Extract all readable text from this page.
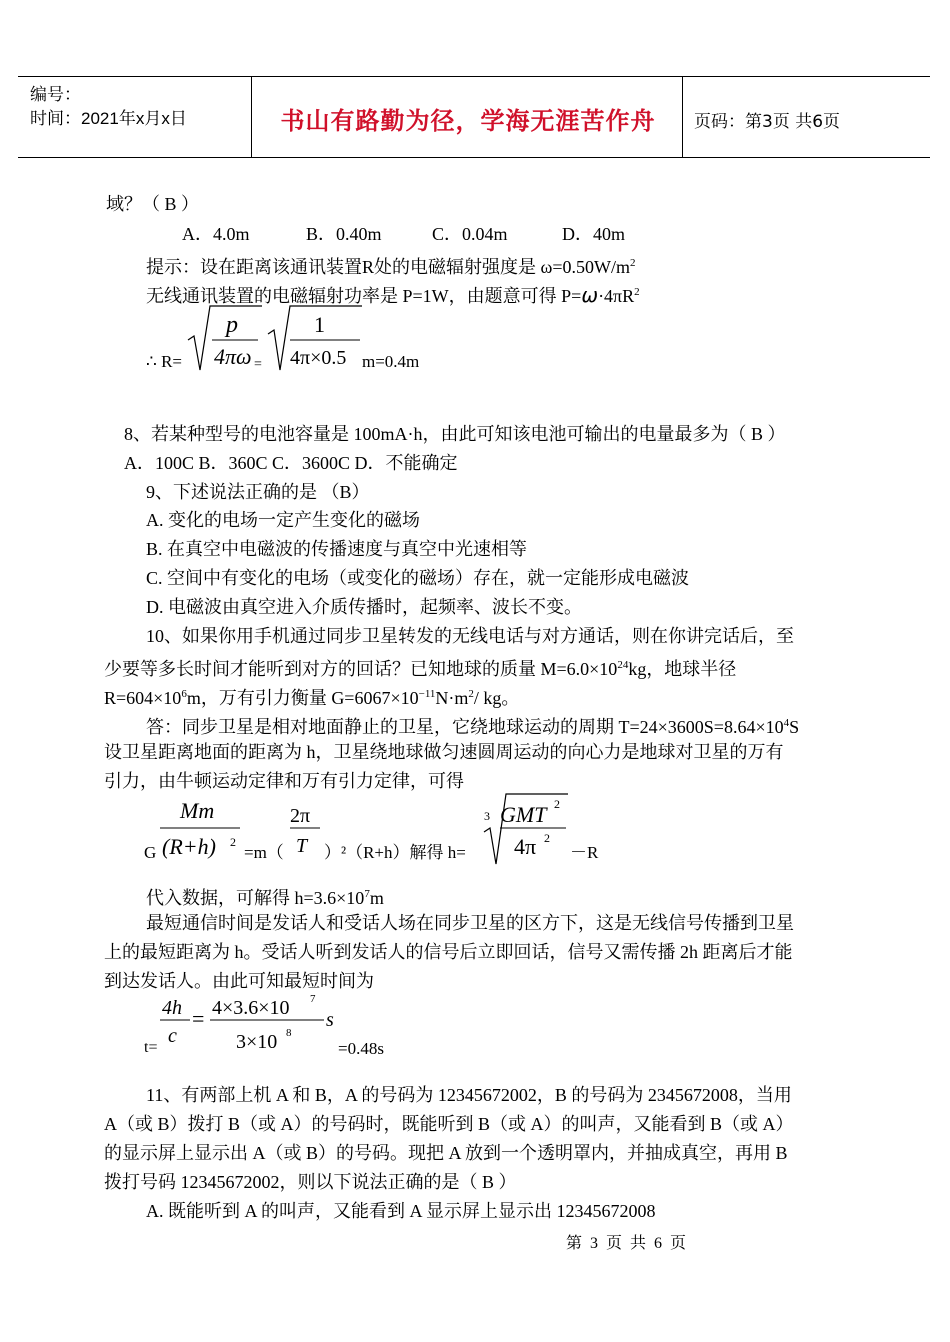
编号：
时间：2021年x月x日	书山有路勤为径，学海无涯苦作舟	页码：第3页 共6页
域？（ B ）
A．4.0m	B．0.40m	C．0.04m	D．40m
提示：设在距离该通讯装置R处的电磁辐射强度是 $\omega=0.50W/m^2$
无线通讯装置的电磁辐射功率是 P=1W，由题意可得 $P=\omega\cdot 4\pi R^2$
∴ R=
p
4πω =
1
4π×0.5 m=0.4m
8、若某种型号的电池容量是 100mA·h，由此可知该电池可输出的电量最多为（ B ）
A．100C B．360C C．3600C D．不能确定
9、下述说法正确的是 （B）
A. 变化的电场一定产生变化的磁场
B. 在真空中电磁波的传播速度与真空中光速相等
C. 空间中有变化的电场（或变化的磁场）存在，就一定能形成电磁波
D. 电磁波由真空进入介质传播时，起频率、波长不变。
10、如果你用手机通过同步卫星转发的无线电话与对方通话，则在你讲完话后，至
少要等多长时间才能听到对方的回话？已知地球的质量 $M=6.0\times 10^{24}kg$，地球半径
$R=604\times 10^6m$，万有引力衡量 $G=6067\times 10^{-11}N\cdot m^2/$ kg。
答：同步卫星是相对地面静止的卫星，它绕地球运动的周期 $T=24\times 3600S=8.64\times 10^4S$
设卫星距离地面的距离为 h，卫星绕地球做匀速圆周运动的向心力是地球对卫星的万有
引力，由牛顿运动定律和万有引力定律，可得
G
Mm
(R+h) 2
=m（
2π
T ）²（R+h）解得 h=
3 GMT 2
4π 2
－R
代入数据，可解得 $h=3.6\times 10^7m$
最短通信时间是发话人和受话人场在同步卫星的区方下，这是无线信号传播到卫星
上的最短距离为 h。受话人听到发话人的信号后立即回话，信号又需传播 2h 距离后才能
到达发话人。由此可知最短时间为
t=
4h
c
= 4×3.6×10 7
3×10 8
s
=0.48s
11、有两部上机 A 和 B，A 的号码为 12345672002，B 的号码为 2345672008，当用
A（或 B）拨打 B（或 A）的号码时，既能听到 B（或 A）的叫声，又能看到 B（或 A）
的显示屏上显示出 A（或 B）的号码。现把 A 放到一个透明罩内，并抽成真空，再用 B
拨打号码 12345672002，则以下说法正确的是（ B ）
A. 既能听到 A 的叫声，又能看到 A 显示屏上显示出 12345672008
第 3 页 共 6 页
